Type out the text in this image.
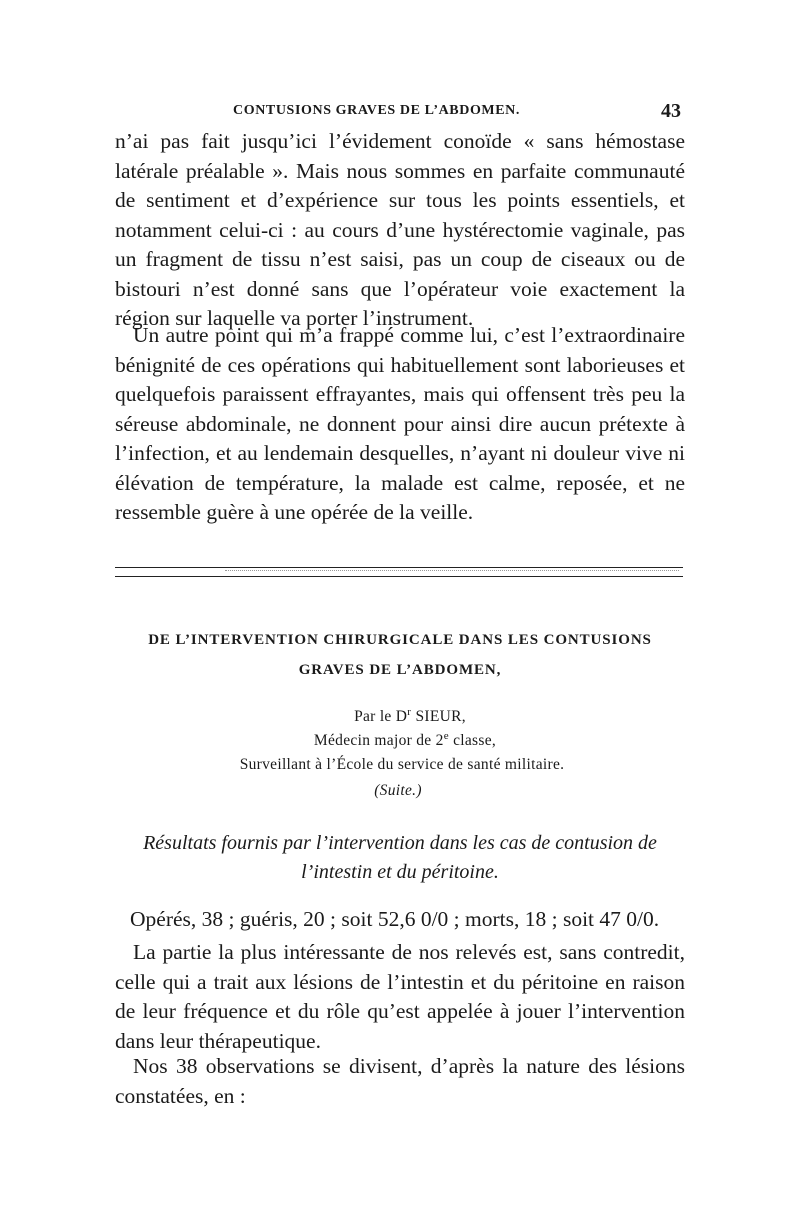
CONTUSIONS GRAVES DE L’ABDOMEN.	43

n’ai pas fait jusqu’ici l’évidement conoïde « sans hémostase latérale préalable ». Mais nous sommes en parfaite communauté de sentiment et d’expérience sur tous les points essentiels, et notamment celui-ci : au cours d’une hystérectomie vaginale, pas un fragment de tissu n’est saisi, pas un coup de ciseaux ou de bistouri n’est donné sans que l’opérateur voie exactement la région sur laquelle va porter l’instrument.

Un autre point qui m’a frappé comme lui, c’est l’extraordinaire bénignité de ces opérations qui habituellement sont laborieuses et quelquefois paraissent effrayantes, mais qui offensent très peu la séreuse abdominale, ne donnent pour ainsi dire aucun prétexte à l’infection, et au lendemain desquelles, n’ayant ni douleur vive ni élévation de température, la malade est calme, reposée, et ne ressemble guère à une opérée de la veille.

DE L’INTERVENTION CHIRURGICALE DANS LES CONTUSIONS GRAVES DE L’ABDOMEN,
Par le $D^r$ SIEUR,
Médecin major de 2e classe,
Surveillant à l’École du service de santé militaire.
(Suite.)
Résultats fournis par l’intervention dans les cas de contusion de l’intestin et du péritoine.

Opérés, 38 ; guéris, 20 ; soit 52,6 0/0 ; morts, 18 ; soit 47 0/0.

La partie la plus intéressante de nos relevés est, sans contredit, celle qui a trait aux lésions de l’intestin et du péritoine en raison de leur fréquence et du rôle qu’est appelée à jouer l’intervention dans leur thérapeutique.

Nos 38 observations se divisent, d’après la nature des lésions constatées, en :
